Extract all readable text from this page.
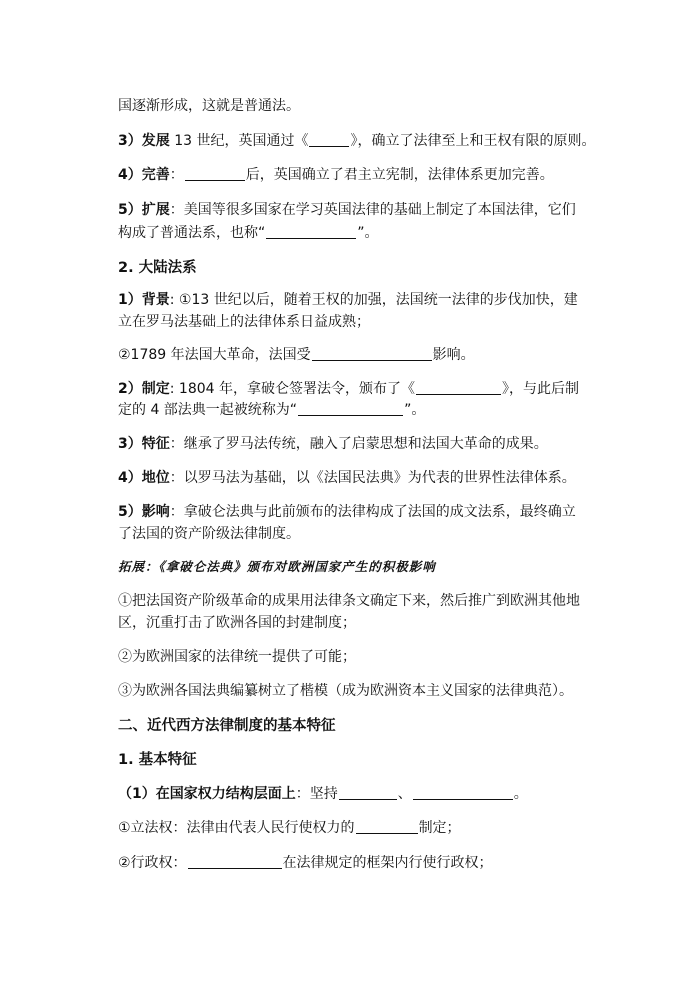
国逐渐形成，这就是普通法。
3）发展 13 世纪，英国通过《	》，确立了法律至上和王权有限的原则。
4）完善：	后，英国确立了君主立宪制，法律体系更加完善。
5）扩展：美国等很多国家在学习英国法律的基础上制定了本国法律，它们
构成了普通法系，也称“	”。
2. 大陆法系
1）背景: ①13 世纪以后，随着王权的加强，法国统一法律的步伐加快，建
立在罗马法基础上的法律体系日益成熟；
②1789 年法国大革命，法国受	影响。
2）制定: 1804 年，拿破仑签署法令，颁布了《	》，与此后制
定的 4 部法典一起被统称为“	”。
3）特征：继承了罗马法传统，融入了启蒙思想和法国大革命的成果。
4）地位：以罗马法为基础，以《法国民法典》为代表的世界性法律体系。
5）影响：拿破仑法典与此前颁布的法律构成了法国的成文法系，最终确立
了法国的资产阶级法律制度。
拓展：《拿破仑法典》颁布对欧洲国家产生的积极影响
①把法国资产阶级革命的成果用法律条文确定下来，然后推广到欧洲其他地
区，沉重打击了欧洲各国的封建制度；
②为欧洲国家的法律统一提供了可能；
③为欧洲各国法典编纂树立了楷模（成为欧洲资本主义国家的法律典范）。
二、近代西方法律制度的基本特征
1. 基本特征
（1）在国家权力结构层面上：坚持	、	。
①立法权：法律由代表人民行使权力的	制定；
②行政权：	在法律规定的框架内行使行政权；
